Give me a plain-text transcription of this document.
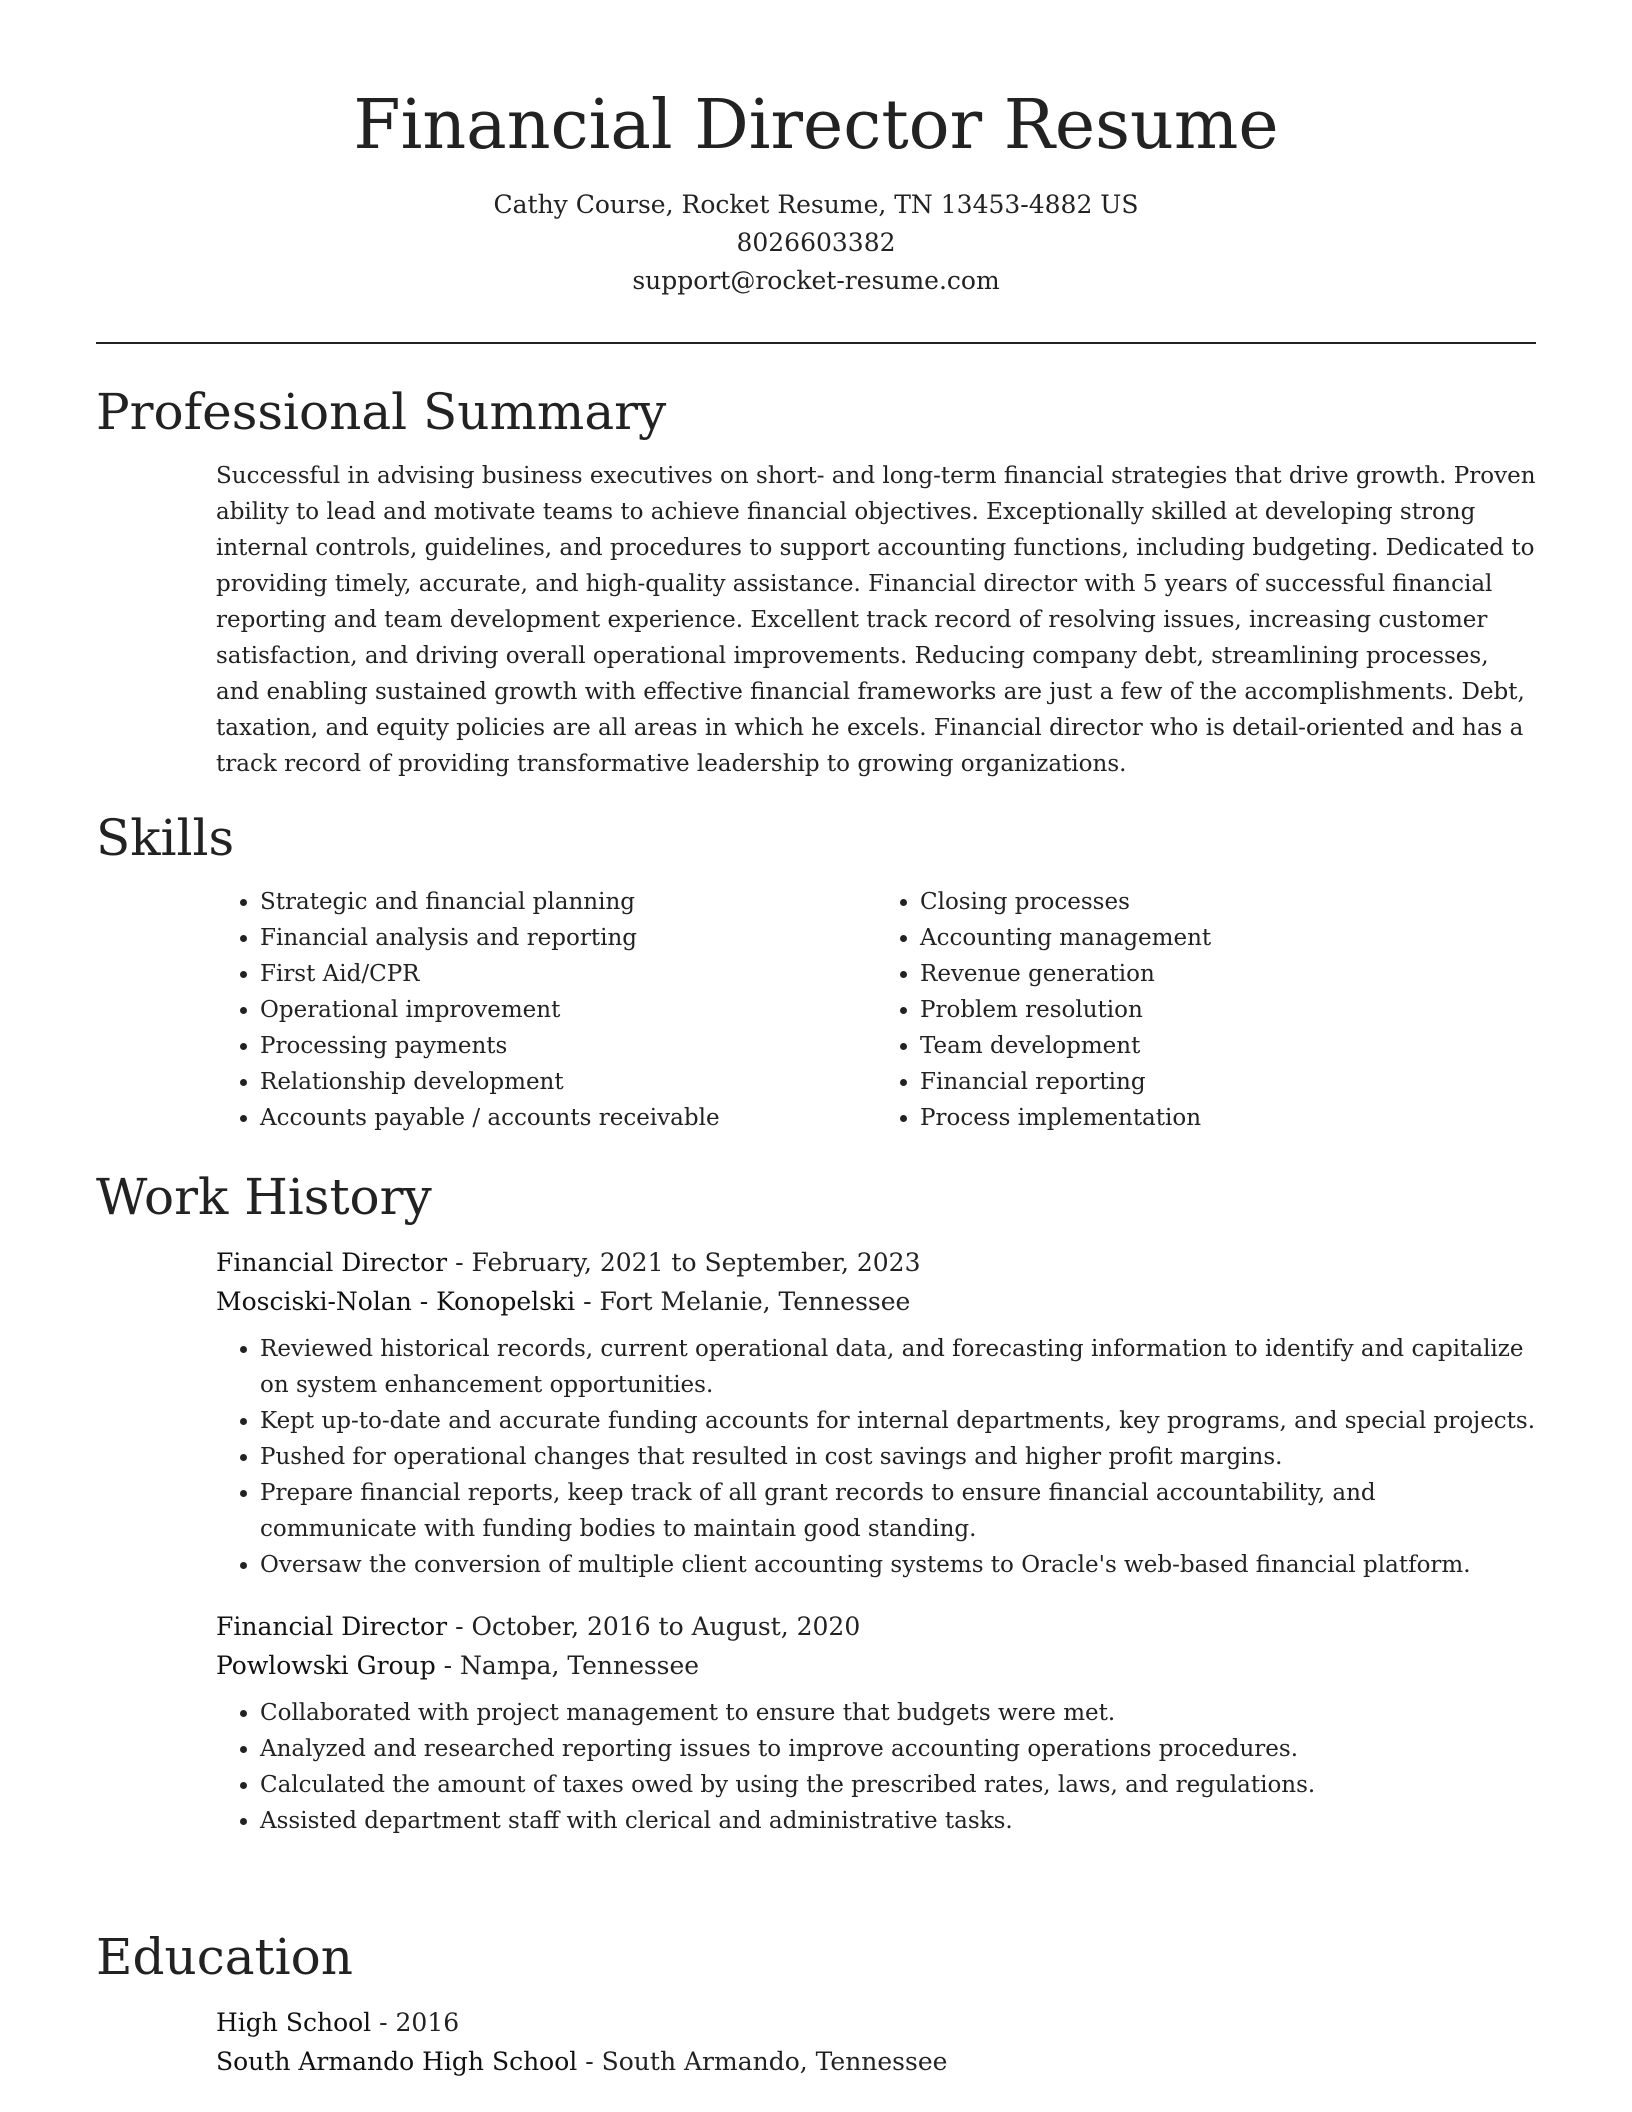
Financial Director Resume
Cathy Course, Rocket Resume, TN 13453-4882 US
8026603382
support@rocket-resume.com
Professional Summary
Successful in advising business executives on short- and long-term financial strategies that drive growth. Proven ability to lead and motivate teams to achieve financial objectives. Exceptionally skilled at developing strong internal controls, guidelines, and procedures to support accounting functions, including budgeting. Dedicated to providing timely, accurate, and high-quality assistance. Financial director with 5 years of successful financial reporting and team development experience. Excellent track record of resolving issues, increasing customer satisfaction, and driving overall operational improvements. Reducing company debt, streamlining processes, and enabling sustained growth with effective financial frameworks are just a few of the accomplishments. Debt, taxation, and equity policies are all areas in which he excels. Financial director who is detail-oriented and has a track record of providing transformative leadership to growing organizations.
Skills
• Strategic and financial planning
• Financial analysis and reporting
• First Aid/CPR
• Operational improvement
• Processing payments
• Relationship development
• Accounts payable / accounts receivable
• Closing processes
• Accounting management
• Revenue generation
• Problem resolution
• Team development
• Financial reporting
• Process implementation
Work History
Financial Director - February, 2021 to September, 2023
Mosciski-Nolan - Konopelski - Fort Melanie, Tennessee
• Reviewed historical records, current operational data, and forecasting information to identify and capitalize on system enhancement opportunities.
• Kept up-to-date and accurate funding accounts for internal departments, key programs, and special projects.
• Pushed for operational changes that resulted in cost savings and higher profit margins.
• Prepare financial reports, keep track of all grant records to ensure financial accountability, and communicate with funding bodies to maintain good standing.
• Oversaw the conversion of multiple client accounting systems to Oracle's web-based financial platform.
Financial Director - October, 2016 to August, 2020
Powlowski Group - Nampa, Tennessee
• Collaborated with project management to ensure that budgets were met.
• Analyzed and researched reporting issues to improve accounting operations procedures.
• Calculated the amount of taxes owed by using the prescribed rates, laws, and regulations.
• Assisted department staff with clerical and administrative tasks.
Education
High School - 2016
South Armando High School - South Armando, Tennessee
